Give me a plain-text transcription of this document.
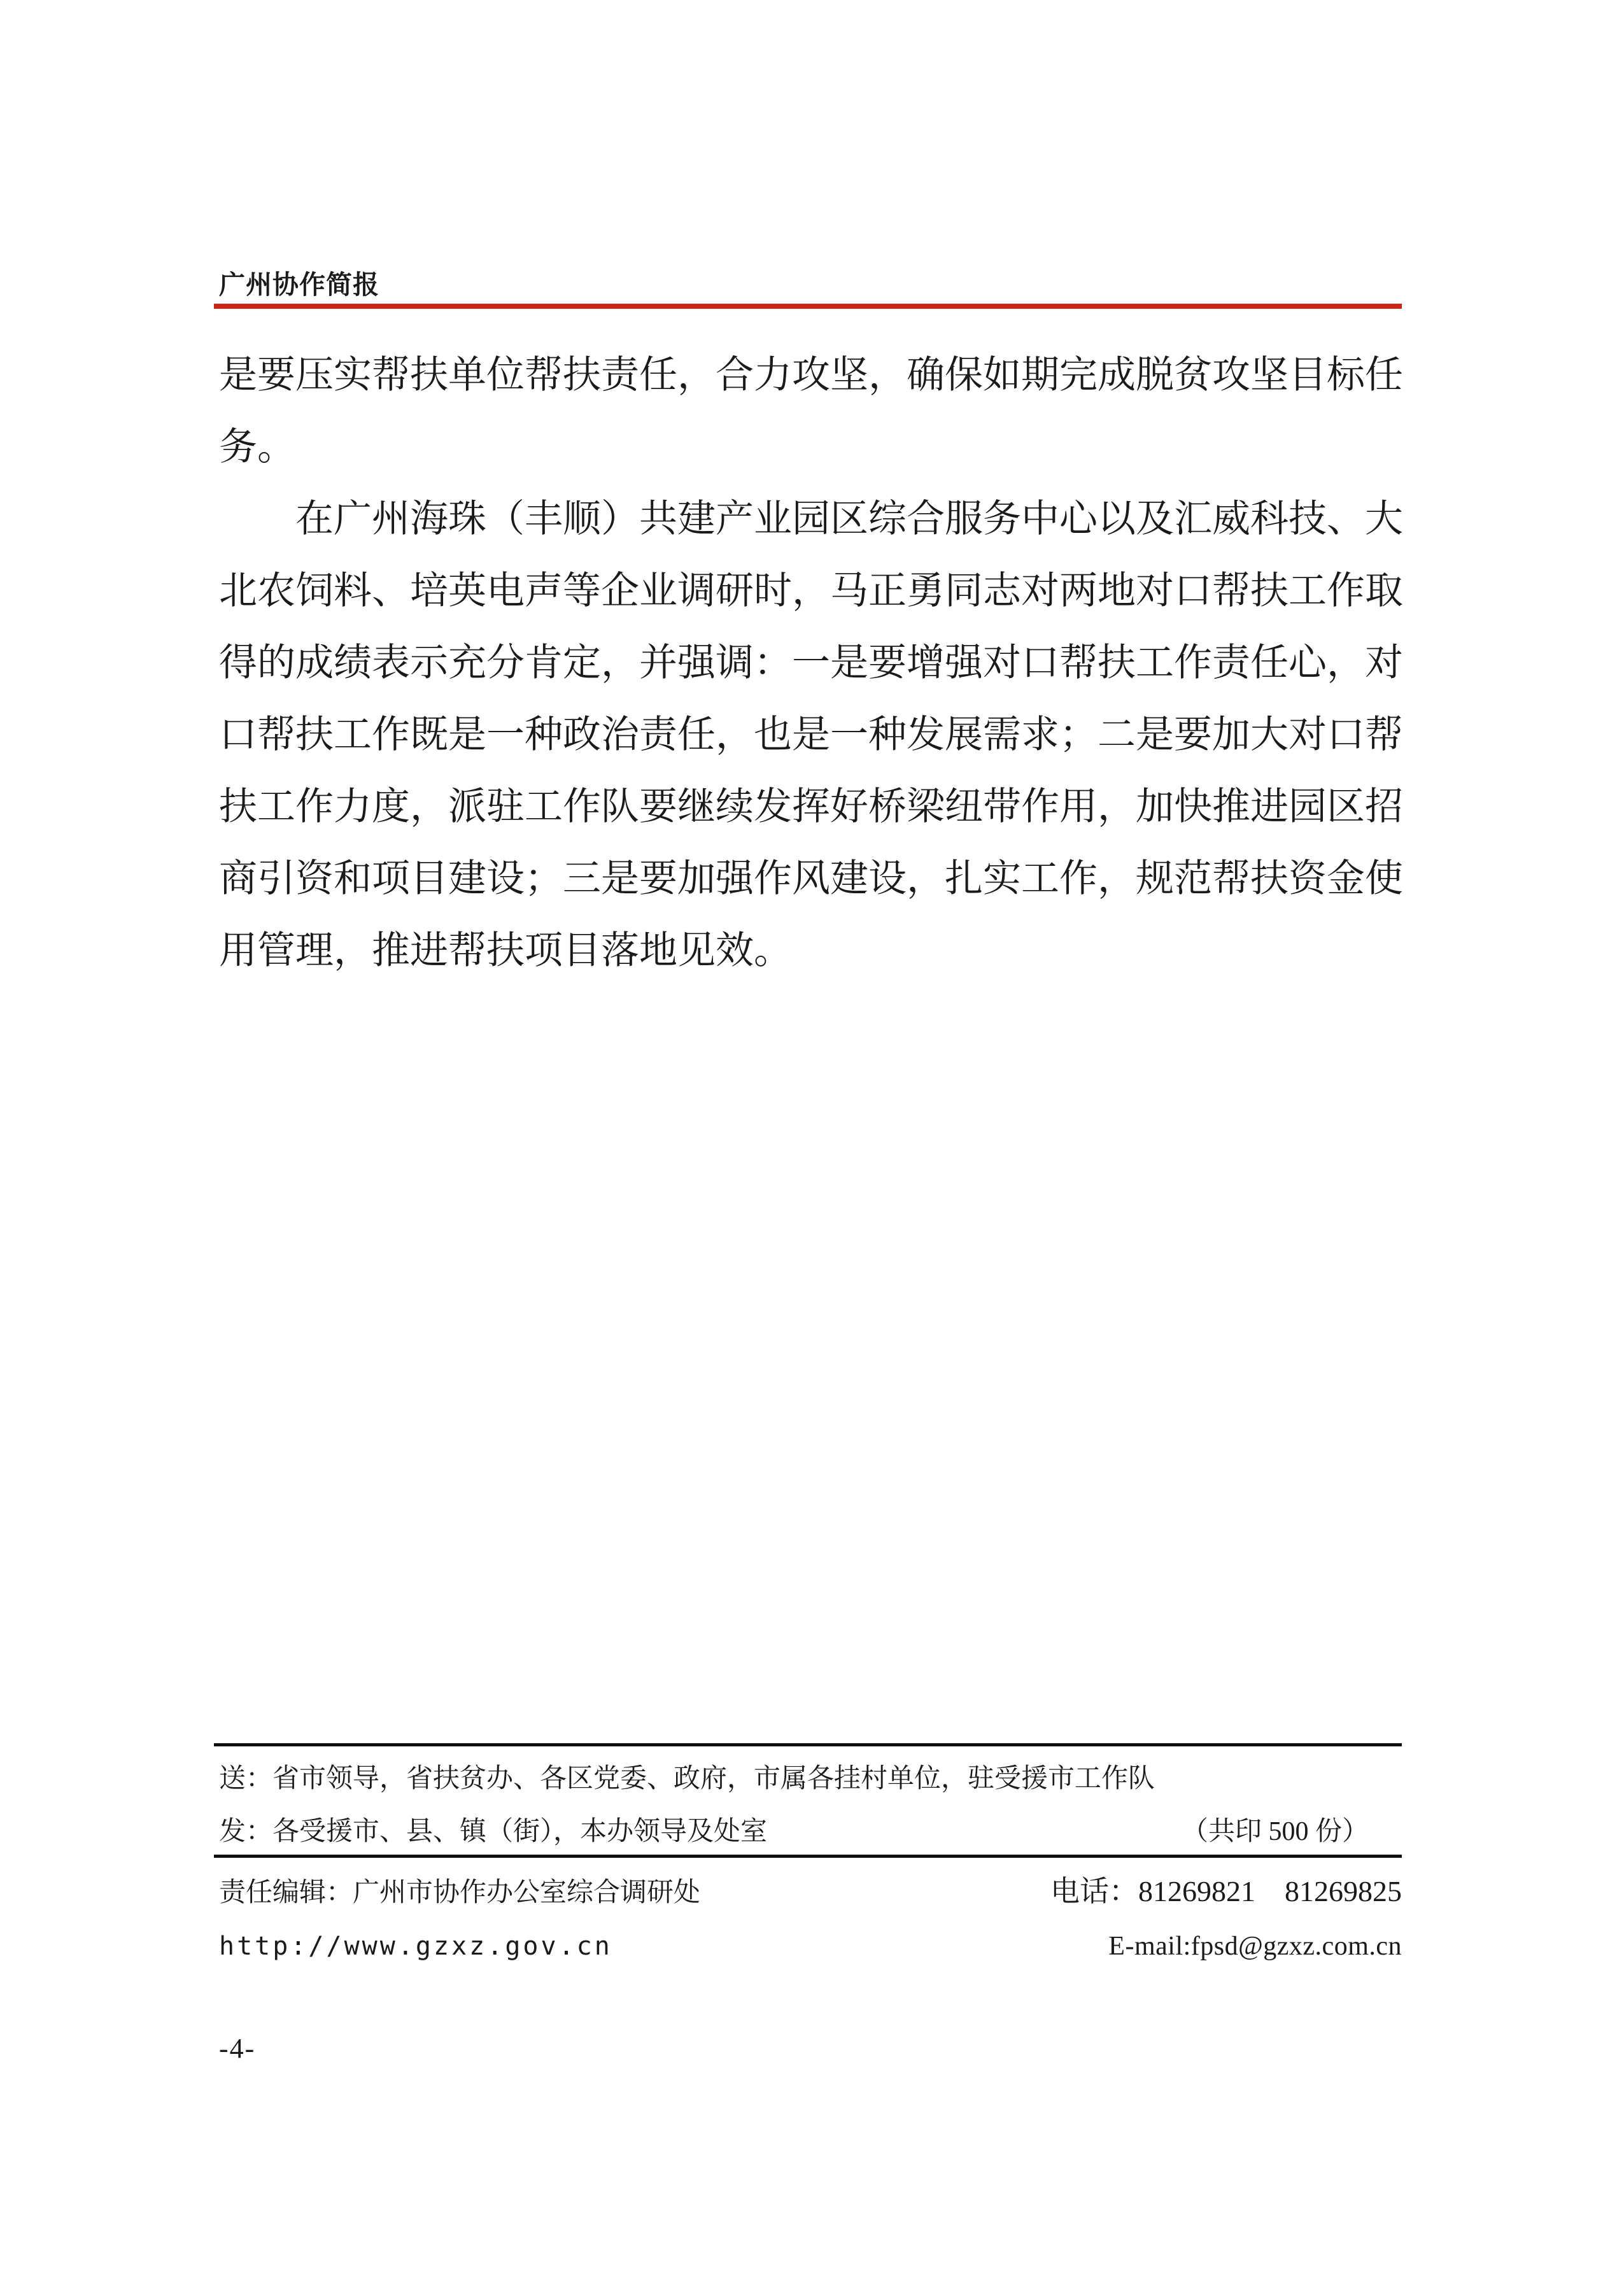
广州协作简报
是要压实帮扶单位帮扶责任，合力攻坚，确保如期完成脱贫攻坚目标任
务。
在广州海珠（丰顺）共建产业园区综合服务中心以及汇威科技、大
北农饲料、培英电声等企业调研时，马正勇同志对两地对口帮扶工作取
得的成绩表示充分肯定，并强调：一是要增强对口帮扶工作责任心，对
口帮扶工作既是一种政治责任，也是一种发展需求；二是要加大对口帮
扶工作力度，派驻工作队要继续发挥好桥梁纽带作用，加快推进园区招
商引资和项目建设；三是要加强作风建设，扎实工作，规范帮扶资金使
用管理，推进帮扶项目落地见效。
送：省市领导，省扶贫办、各区党委、政府，市属各挂村单位，驻受援市工作队
发：各受援市、县、镇（街），本办领导及处室	（共印 500 份）
责任编辑：广州市协作办公室综合调研处	电话：81269821　81269825
http://www.gzxz.gov.cn	E-mail:fpsd@gzxz.com.cn
-4-
